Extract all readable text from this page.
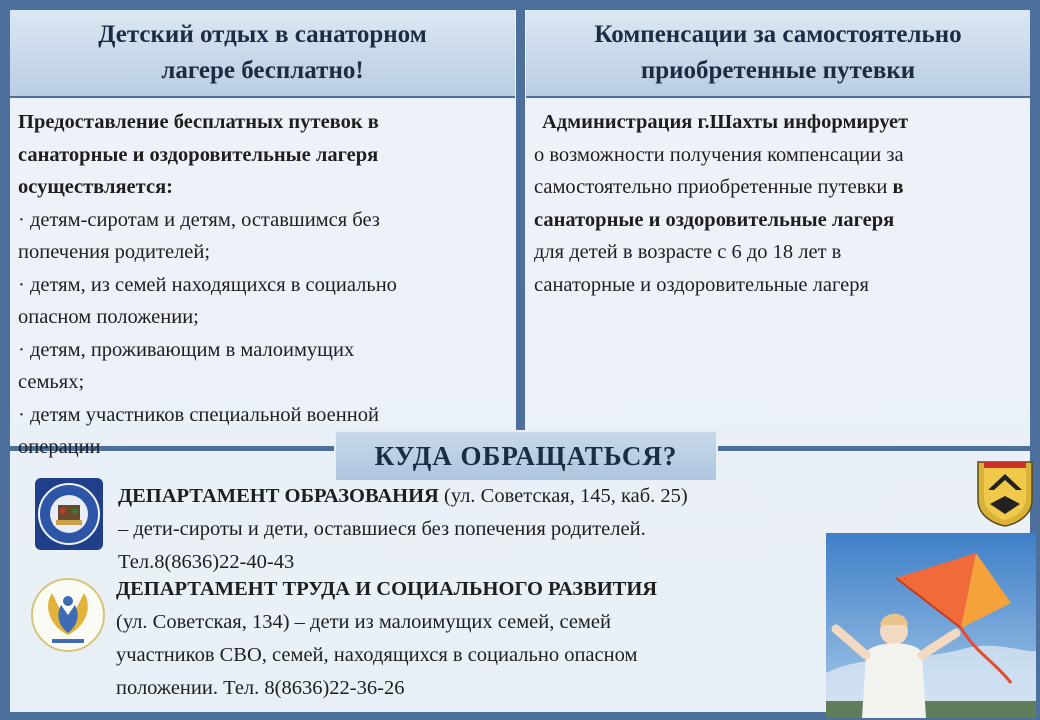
Детский отдых в санаторном
лагере бесплатно!
Компенсации за самостоятельно
приобретенные путевки
Предоставление бесплатных путевок в
санаторные и оздоровительные лагеря
осуществляется:
· детям-сиротам и детям, оставшимся без
попечения родителей;
· детям, из семей находящихся в социально
опасном положении;
· детям, проживающим в малоимущих
семьях;
· детям участников специальной военной
операции
Администрация г.Шахты информирует
о возможности получения компенсации за
самостоятельно приобретенные путевки в
санаторные и оздоровительные лагеря
для детей в возрасте с 6 до 18 лет в
санаторные и оздоровительные лагеря
КУДА ОБРАЩАТЬСЯ?
ДЕПАРТАМЕНТ ОБРАЗОВАНИЯ (ул. Советская, 145, каб. 25)
– дети-сироты и дети, оставшиеся без попечения родителей.
Тел.8(8636)22-40-43
ДЕПАРТАМЕНТ ТРУДА И СОЦИАЛЬНОГО РАЗВИТИЯ
(ул. Советская, 134) – дети из малоимущих семей, семей
участников СВО, семей, находящихся в социально опасном
положении. Тел. 8(8636)22-36-26
